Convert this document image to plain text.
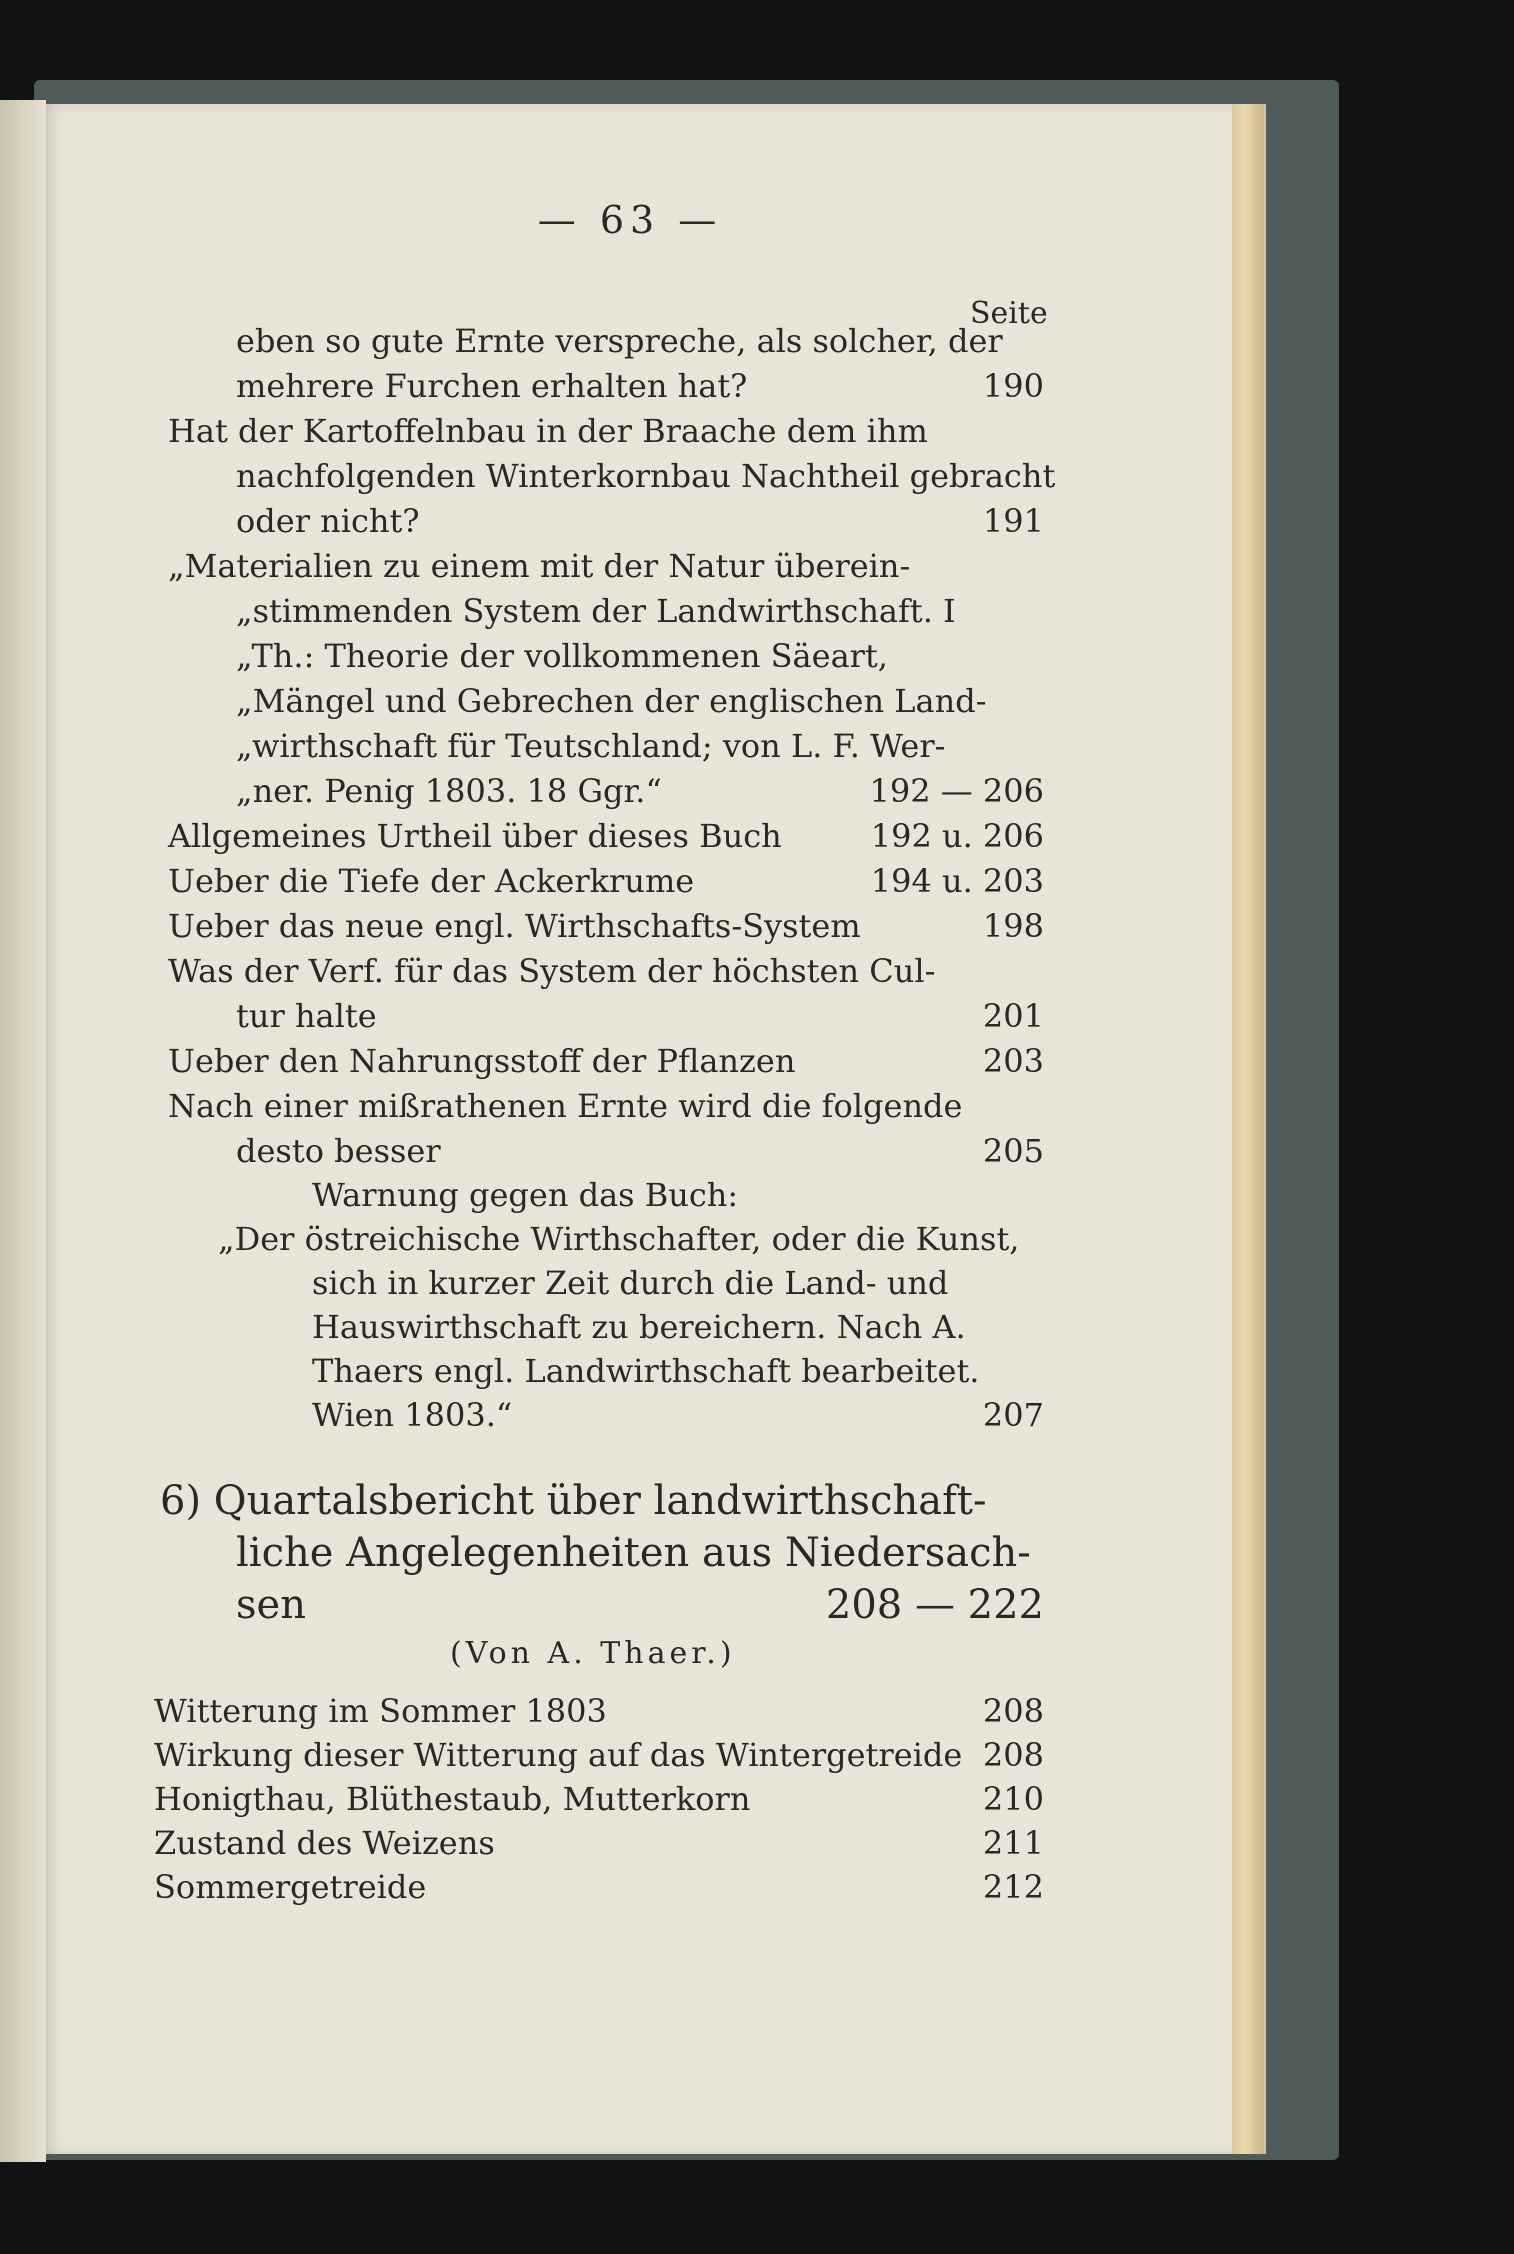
— 63 —
Seite
eben so gute Ernte verspreche, als solcher, der
mehrere Furchen erhalten hat?	190
Hat der Kartoffelnbau in der Braache dem ihm
nachfolgenden Winterkornbau Nachtheil gebracht
oder nicht?	191
„Materialien zu einem mit der Natur überein-
„stimmenden System der Landwirthschaft. I
„Th.: Theorie der vollkommenen Säeart,
„Mängel und Gebrechen der englischen Land-
„wirthschaft für Teutschland; von L. F. Wer-
„ner. Penig 1803. 18 Ggr.“	192 — 206
Allgemeines Urtheil über dieses Buch	192 u. 206
Ueber die Tiefe der Ackerkrume	194 u. 203
Ueber das neue engl. Wirthschafts-System	198
Was der Verf. für das System der höchsten Cul-
tur halte	201
Ueber den Nahrungsstoff der Pflanzen	203
Nach einer mißrathenen Ernte wird die folgende
desto besser	205
Warnung gegen das Buch:
„Der östreichische Wirthschafter, oder die Kunst,
sich in kurzer Zeit durch die Land- und
Hauswirthschaft zu bereichern. Nach A.
Thaers engl. Landwirthschaft bearbeitet.
Wien 1803.“	207
6) Quartalsbericht über landwirthschaft-
liche Angelegenheiten aus Niedersach-
sen	208 — 222
(Von A. Thaer.)
Witterung im Sommer 1803	208
Wirkung dieser Witterung auf das Wintergetreide 208
Honigthau, Blüthestaub, Mutterkorn	210
Zustand des Weizens	211
Sommergetreide	212
